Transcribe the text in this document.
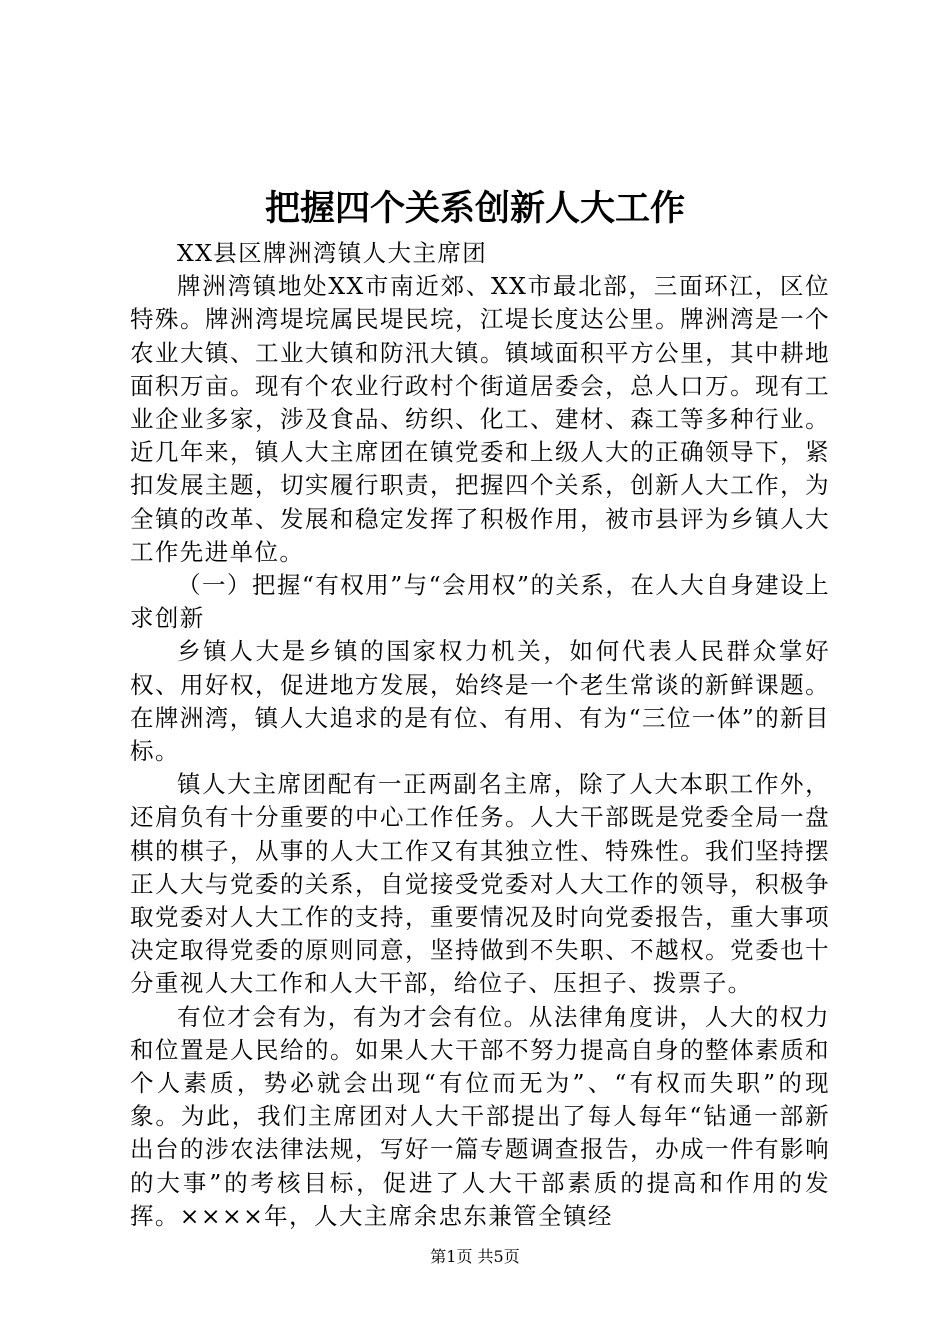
把握四个关系创新人大工作

XX县区牌洲湾镇人大主席团

牌洲湾镇地处XX市南近郊、XX市最北部，三面环江，区位特殊。牌洲湾堤垸属民堤民垸，江堤长度达公里。牌洲湾是一个农业大镇、工业大镇和防汛大镇。镇域面积平方公里，其中耕地面积万亩。现有个农业行政村个街道居委会，总人口万。现有工业企业多家，涉及食品、纺织、化工、建材、森工等多种行业。近几年来，镇人大主席团在镇党委和上级人大的正确领导下，紧扣发展主题，切实履行职责，把握四个关系，创新人大工作，为全镇的改革、发展和稳定发挥了积极作用，被市县评为乡镇人大工作先进单位。

（一）把握“有权用”与“会用权”的关系，在人大自身建设上求创新

乡镇人大是乡镇的国家权力机关，如何代表人民群众掌好权、用好权，促进地方发展，始终是一个老生常谈的新鲜课题。在牌洲湾，镇人大追求的是有位、有用、有为“三位一体”的新目标。

镇人大主席团配有一正两副名主席，除了人大本职工作外，还肩负有十分重要的中心工作任务。人大干部既是党委全局一盘棋的棋子，从事的人大工作又有其独立性、特殊性。我们坚持摆正人大与党委的关系，自觉接受党委对人大工作的领导，积极争取党委对人大工作的支持，重要情况及时向党委报告，重大事项决定取得党委的原则同意，坚持做到不失职、不越权。党委也十分重视人大工作和人大干部，给位子、压担子、拨票子。

有位才会有为，有为才会有位。从法律角度讲，人大的权力和位置是人民给的。如果人大干部不努力提高自身的整体素质和个人素质，势必就会出现“有位而无为”、“有权而失职”的现象。为此，我们主席团对人大干部提出了每人每年“钻通一部新出台的涉农法律法规，写好一篇专题调查报告，办成一件有影响的大事”的考核目标，促进了人大干部素质的提高和作用的发挥。××××年，人大主席余忠东兼管全镇经

第1页 共5页
